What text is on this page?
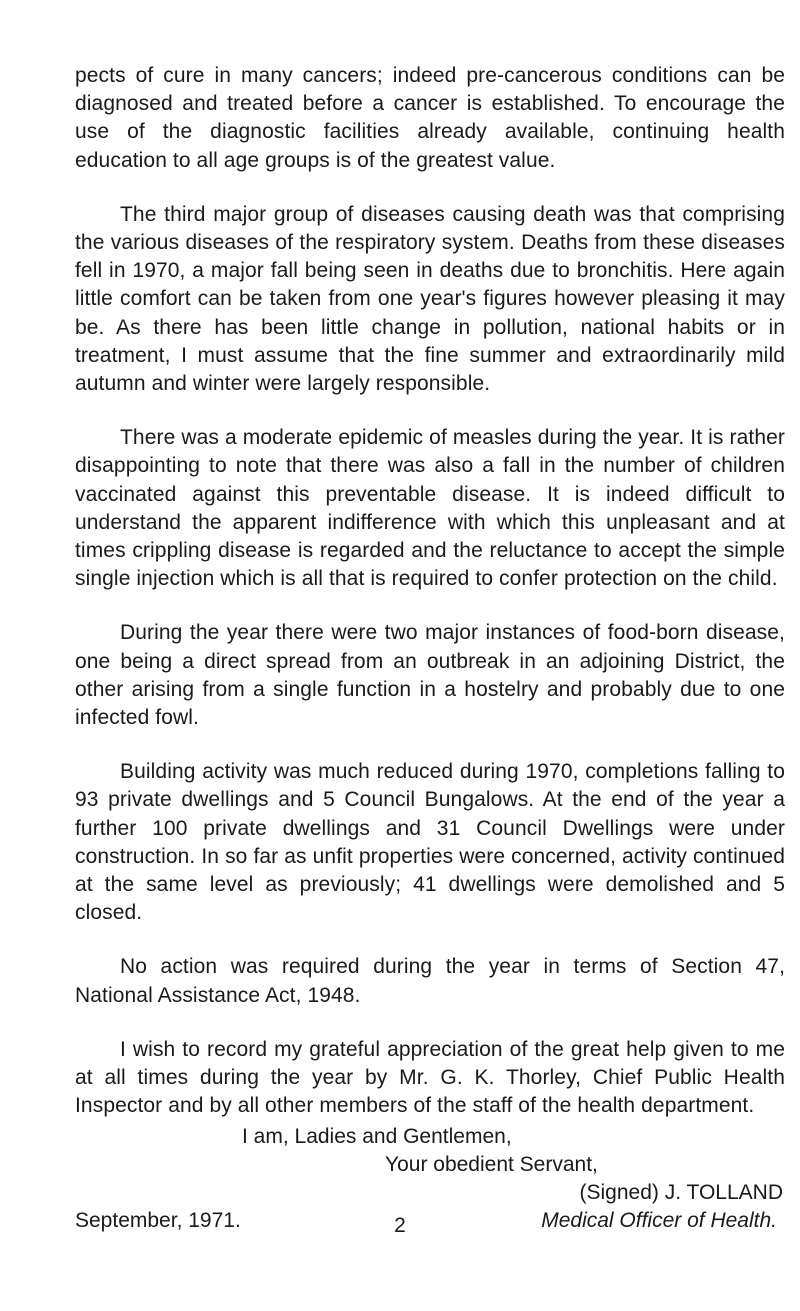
pects of cure in many cancers; indeed pre-cancerous conditions can be diagnosed and treated before a cancer is established. To encourage the use of the diagnostic facilities already available, continuing health education to all age groups is of the greatest value.

The third major group of diseases causing death was that comprising the various diseases of the respiratory system. Deaths from these diseases fell in 1970, a major fall being seen in deaths due to bronchitis. Here again little comfort can be taken from one year's figures however pleasing it may be. As there has been little change in pollution, national habits or in treatment, I must assume that the fine summer and extraordinarily mild autumn and winter were largely responsible.

There was a moderate epidemic of measles during the year. It is rather disappointing to note that there was also a fall in the number of children vaccinated against this preventable disease. It is indeed difficult to understand the apparent indifference with which this unpleasant and at times crippling disease is regarded and the reluctance to accept the simple single injection which is all that is required to confer protection on the child.

During the year there were two major instances of food-born disease, one being a direct spread from an outbreak in an adjoining District, the other arising from a single function in a hostelry and probably due to one infected fowl.

Building activity was much reduced during 1970, completions falling to 93 private dwellings and 5 Council Bungalows. At the end of the year a further 100 private dwellings and 31 Council Dwellings were under construction. In so far as unfit properties were concerned, activity continued at the same level as previously; 41 dwellings were demolished and 5 closed.

No action was required during the year in terms of Section 47, National Assistance Act, 1948.

I wish to record my grateful appreciation of the great help given to me at all times during the year by Mr. G. K. Thorley, Chief Public Health Inspector and by all other members of the staff of the health department.

I am, Ladies and Gentlemen,

Your obedient Servant,

September, 1971.
(Signed) J. TOLLAND
Medical Officer of Health.
2
